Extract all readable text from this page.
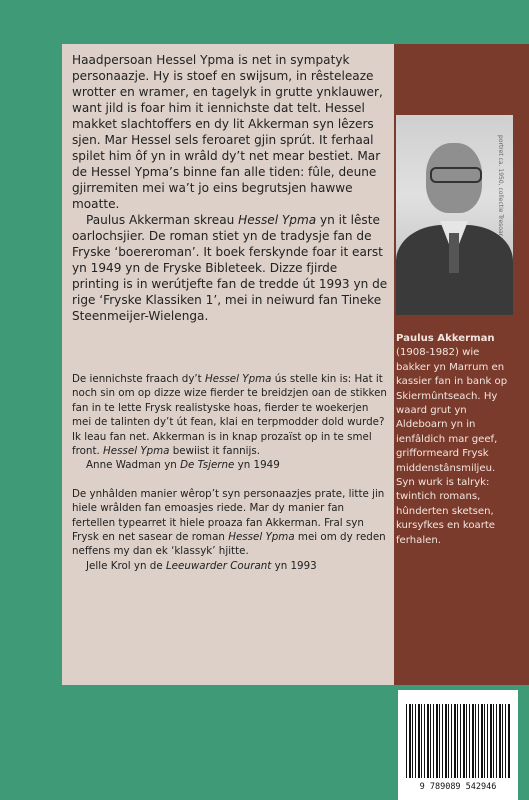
Haadpersoan Hessel Ypma is net in sympatyk personaazje. Hy is stoef en swijsum, in rêsteleaze wrotter en wramer, en tagelyk in grutte ynklauwer, want jild is foar him it iennichste dat telt. Hessel makket slachtoffers en dy lit Akkerman syn lêzers sjen. Mar Hessel sels feroaret gjin sprút. It ferhaal spilet him ôf yn in wrâld dy’t net mear bestiet. Mar de Hessel Ypma’s binne fan alle tiden: fûle, deune gjirremiten mei wa’t jo eins begrutsjen hawwe moatte.

Paulus Akkerman skreau Hessel Ypma yn it lêste oarlochsjier. De roman stiet yn de tradysje fan de Fryske ‘boereroman’. It boek ferskynde foar it earst yn 1949 yn de Fryske Bibleteek. Dizze fjirde printing is in werútjefte fan de tredde út 1993 yn de rige ‘Fryske Klassiken 1’, mei in neiwurd fan Tineke Steenmeijer-Wielenga.

De iennichste fraach dy’t Hessel Ypma ús stelle kin is: Hat it noch sin om op dizze wize fierder te breidzjen oan de stikken fan in te lette Frysk realistyske hoas, fierder te woekerjen mei de talinten dy’t út fean, klai en terpmodder dold wurde? Ik leau fan net. Akkerman is in knap prozaïst op in te smel front. Hessel Ypma bewiist it fannijs.

Anne Wadman yn De Tsjerne yn 1949

De ynhâlden manier wêrop’t syn personaazjes prate, litte jin hiele wrâlden fan emoasjes riede. Mar dy manier fan fertellen typearret it hiele proaza fan Akkerman. Fral syn Frysk en net sasear de roman Hessel Ypma mei om dy reden neffens my dan ek ‘klassyk’ hjitte.

Jelle Krol yn de Leeuwarder Courant yn 1993

portret ca. 1950, collectie Tresoar
Paulus Akkerman
(1908-1982) wie bakker yn Marrum en kassier fan in bank op Skiermûntseach. Hy waard grut yn Aldeboarn yn in ienfâldich mar geef, grifformeard Frysk middenstânsmiljeu. Syn wurk is talryk: twintich romans, hûnderten sketsen, kursyfkes en koarte ferhalen.
9 789089 542946
